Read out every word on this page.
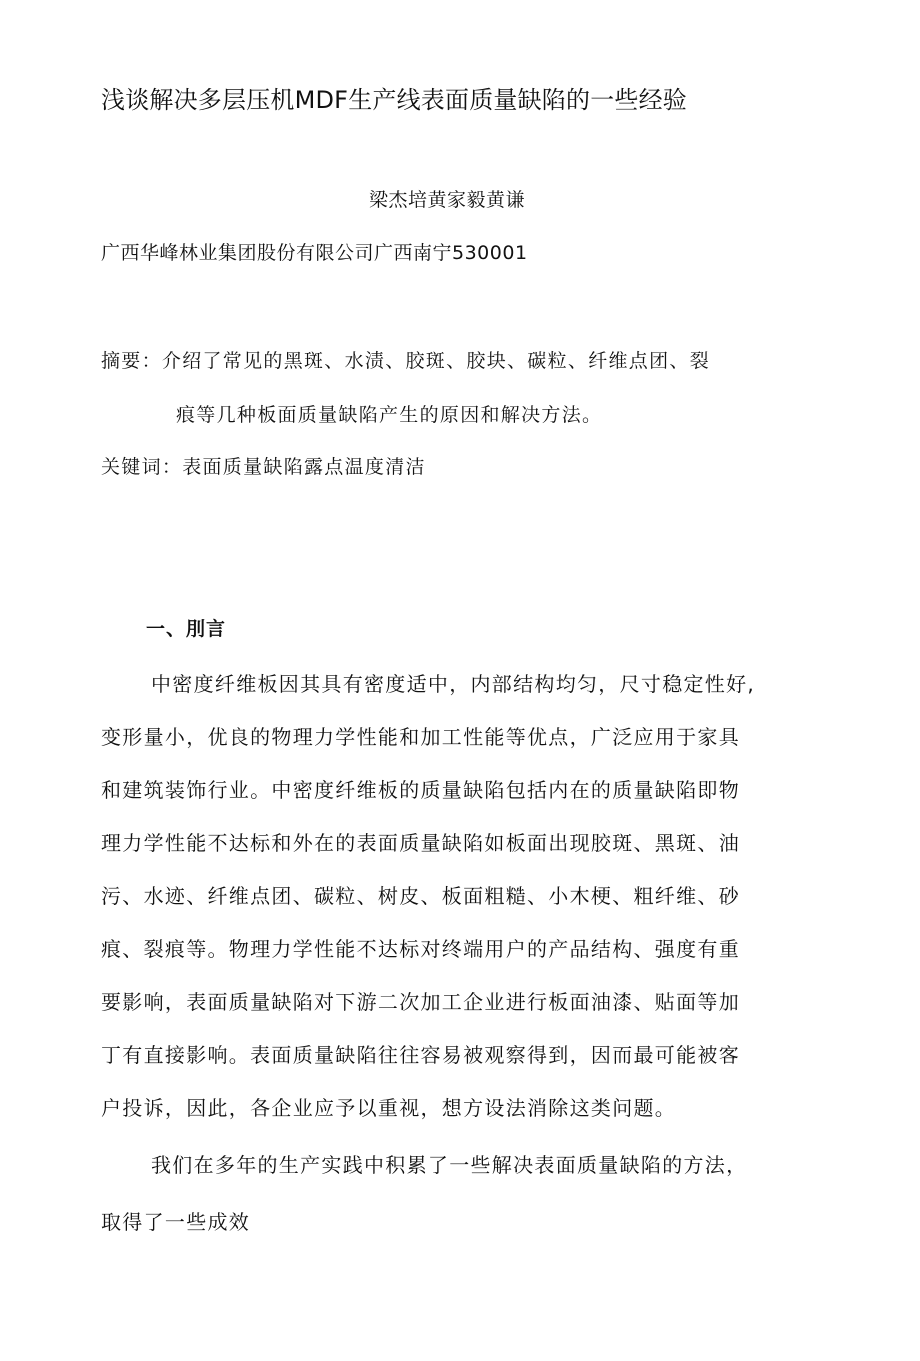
浅谈解决多层压机MDF生产线表面质量缺陷的一些经验
梁杰培黄家毅黄谦
广西华峰林业集团股份有限公司广西南宁530001
摘要：介绍了常见的黑斑、水渍、胶斑、胶块、碳粒、纤维点团、裂
痕等几种板面质量缺陷产生的原因和解决方法。
关键词：表面质量缺陷露点温度清洁
一、刖言
中密度纤维板因其具有密度适中，内部结构均匀，尺寸稳定性好,
变形量小，优良的物理力学性能和加工性能等优点，广泛应用于家具
和建筑装饰行业。中密度纤维板的质量缺陷包括内在的质量缺陷即物
理力学性能不达标和外在的表面质量缺陷如板面出现胶斑、黑斑、油
污、水迹、纤维点团、碳粒、树皮、板面粗糙、小木梗、粗纤维、砂
痕、裂痕等。物理力学性能不达标对终端用户的产品结构、强度有重
要影响，表面质量缺陷对下游二次加工企业进行板面油漆、贴面等加
丁有直接影响。表面质量缺陷往往容易被观察得到，因而最可能被客
户投诉，因此，各企业应予以重视，想方设法消除这类问题。
我们在多年的生产实践中积累了一些解决表面质量缺陷的方法，
取得了一些成效
